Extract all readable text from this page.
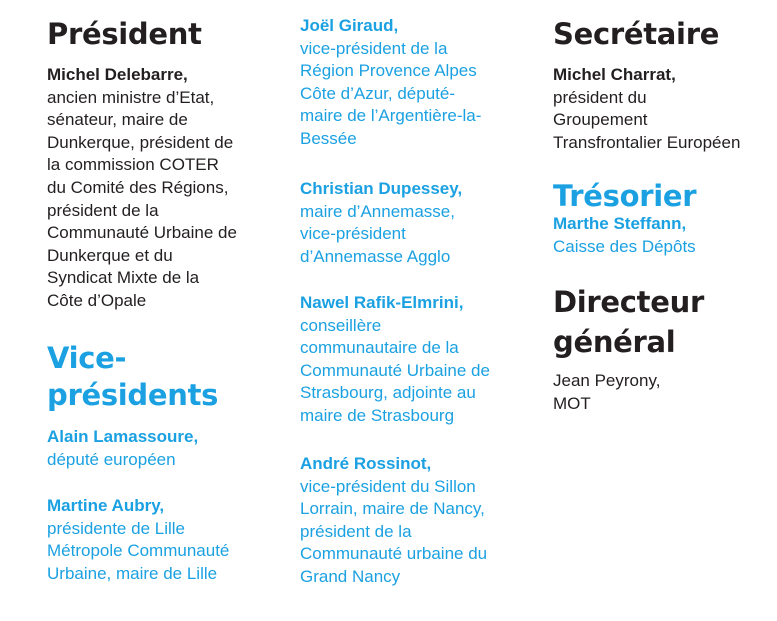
Président

Michel Delebarre,
ancien ministre d’Etat,
sénateur, maire de
Dunkerque, président de
la commission COTER
du Comité des Régions,
président de la
Communauté Urbaine de
Dunkerque et du
Syndicat Mixte de la
Côte d’Opale

Vice-
présidents

Alain Lamassoure,
député européen

Martine Aubry,
présidente de Lille
Métropole Communauté
Urbaine, maire de Lille

Joël Giraud,
vice-président de la
Région Provence Alpes
Côte d’Azur, député-
maire de l’Argentière-la-
Bessée

Christian Dupessey,
maire d’Annemasse,
vice-président
d’Annemasse Agglo

Nawel Rafik-Elmrini,
conseillère
communautaire de la
Communauté Urbaine de
Strasbourg, adjointe au
maire de Strasbourg

André Rossinot,
vice-président du Sillon
Lorrain, maire de Nancy,
président de la
Communauté urbaine du
Grand Nancy

Secrétaire

Michel Charrat,
président du
Groupement
Transfrontalier Européen

Trésorier

Marthe Steffann,
Caisse des Dépôts

Directeur
général

Jean Peyrony,
MOT
